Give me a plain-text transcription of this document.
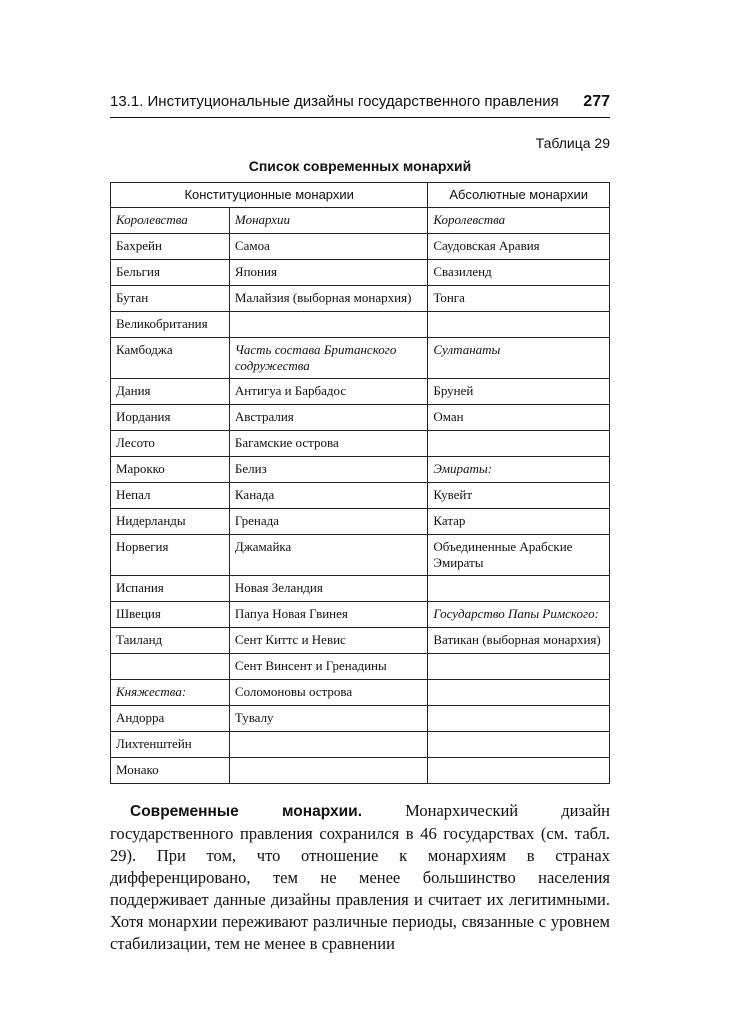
13.1. Институциональные дизайны государственного правления 277
Таблица 29
Список современных монархий
Конституционные монархии		Абсолютные монархии
Королевства	Монархии	Королевства
Бахрейн	Самоа	Саудовская Аравия
Бельгия	Япония	Свазиленд
Бутан	Малайзия (выборная монархия)	Тонга
Великобритания		
Камбоджа	Часть состава Британского содружества	Султанаты
Дания	Антигуа и Барбадос	Бруней
Иордания	Австралия	Оман
Лесото	Багамские острова	
Марокко	Белиз	Эмираты:
Непал	Канада	Кувейт
Нидерланды	Гренада	Катар
Норвегия	Джамайка	Объединенные Арабские Эмираты
Испания	Новая Зеландия	
Швеция	Папуа Новая Гвинея	Государство Папы Римского:
Таиланд	Сент Киттс и Невис	Ватикан (выборная монархия)
	Сент Винсент и Гренадины	
Княжества:	Соломоновы острова	
Андорра	Тувалу	
Лихтенштейн		
Монако		

Современные монархии. Монархический дизайн государственного правления сохранился в 46 государствах (см. табл. 29). При том, что отношение к монархиям в странах дифференцировано, тем не менее большинство населения поддерживает данные дизайны правления и считает их легитимными. Хотя монархии переживают различные периоды, связанные с уровнем стабилизации, тем не менее в сравнении
